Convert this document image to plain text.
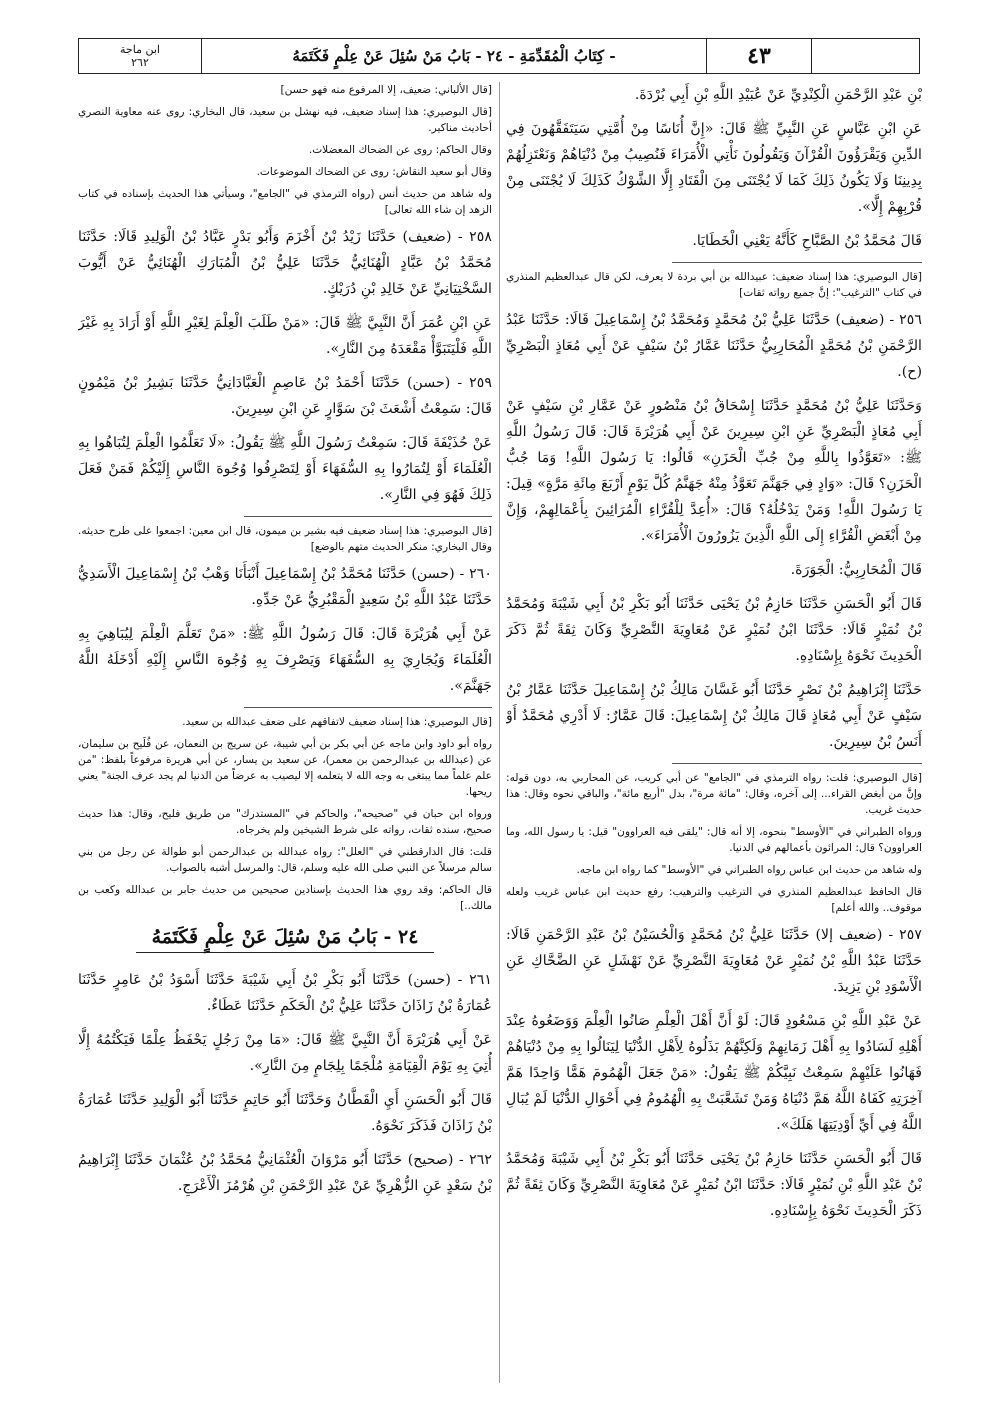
ابن ماجة
٢٦٢	- كِتَابُ الْمُقَدِّمَةِ - ٢٤ - بَابُ مَنْ سُئِلَ عَنْ عِلْمٍ فَكَتَمَهُ	٤٣

بْنِ عَبْدِ الرَّحْمَنِ الْكِنْدِيِّ عَنْ عُبَيْدِ اللَّهِ بْنِ أَبِي بُرْدَةَ.

عَنِ ابْنِ عَبَّاسٍ عَنِ النَّبِيِّ ﷺ قَالَ: «إِنَّ أُنَاسًا مِنْ أُمَّتِي سَيَتَفَقَّهُونَ فِي الدِّينِ وَيَقْرَؤُونَ الْقُرْآنَ وَيَقُولُونَ نَأْتِي الْأُمَرَاءَ فَنُصِيبُ مِنْ دُنْيَاهُمْ وَنَعْتَزِلُهُمْ بِدِينِنَا وَلَا يَكُونُ ذَلِكَ كَمَا لَا يُجْتَنَى مِنَ الْقَتَادِ إِلَّا الشَّوْكُ كَذَلِكَ لَا يُجْتَنَى مِنْ قُرْبِهِمْ إِلَّا».

قَالَ مُحَمَّدُ بْنُ الصَّبَّاحِ كَأَنَّهُ يَعْنِي الْخَطَايَا.

[قال البوصيري: هذا إسناد ضعيف: عبيدالله بن أبي بردة لا يعرف، لكن قال عبدالعظيم المنذري في كتاب "الترغيب": إنَّ جميع رواته ثقات]

٢٥٦ - (ضعيف) حَدَّثَنَا عَلِيُّ بْنُ مُحَمَّدٍ وَمُحَمَّدُ بْنُ إِسْمَاعِيلَ قَالَا: حَدَّثَنَا عَبْدُ الرَّحْمَنِ بْنُ مُحَمَّدٍ الْمُحَارِبِيُّ حَدَّثَنَا عَمَّارُ بْنُ سَيْفٍ عَنْ أَبِي مُعَاذٍ الْبَصْرِيِّ (ح).

وَحَدَّثَنَا عَلِيُّ بْنُ مُحَمَّدٍ حَدَّثَنَا إِسْحَاقُ بْنُ مَنْصُورٍ عَنْ عَمَّارِ بْنِ سَيْفٍ عَنْ أَبِي مُعَاذٍ الْبَصْرِيِّ عَنِ ابْنِ سِيرِينَ عَنْ أَبِي هُرَيْرَةَ قَالَ: قَالَ رَسُولُ اللَّهِ ﷺ: «تَعَوَّذُوا بِاللَّهِ مِنْ جُبِّ الْحَزَنِ» قَالُوا: يَا رَسُولَ اللَّهِ! وَمَا جُبُّ الْحَزَنِ؟ قَالَ: «وَادٍ فِي جَهَنَّمَ تَعَوَّذُ مِنْهُ جَهَنَّمُ كُلَّ يَوْمٍ أَرْبَعَ مِائَةِ مَرَّةٍ» قِيلَ: يَا رَسُولَ اللَّهِ! وَمَنْ يَدْخُلُهُ؟ قَالَ: «أُعِدَّ لِلْقُرَّاءِ الْمُرَائِينَ بِأَعْمَالِهِمْ، وَإِنَّ مِنْ أَبْغَضِ الْقُرَّاءِ إِلَى اللَّهِ الَّذِينَ يَزُورُونَ الْأُمَرَاءَ».

قَالَ الْمُحَارِبِيُّ: الْجَوَرَةَ.

قَالَ أَبُو الْحَسَنِ حَدَّثَنَا حَازِمُ بْنُ يَحْيَى حَدَّثَنَا أَبُو بَكْرِ بْنُ أَبِي شَيْبَةَ وَمُحَمَّدُ بْنُ نُمَيْرٍ قَالَا: حَدَّثَنَا ابْنُ نُمَيْرٍ عَنْ مُعَاوِيَةَ النَّصْرِيِّ وَكَانَ ثِقَةً ثُمَّ ذَكَرَ الْحَدِيثَ نَحْوَهُ بِإِسْنَادِهِ.

حَدَّثَنَا إِبْرَاهِيمُ بْنُ نَصْرٍ حَدَّثَنَا أَبُو غَسَّانَ مَالِكُ بْنُ إِسْمَاعِيلَ حَدَّثَنَا عَمَّارُ بْنُ سَيْفٍ عَنْ أَبِي مُعَاذٍ قَالَ مَالِكُ بْنُ إِسْمَاعِيلَ: قَالَ عَمَّارٌ: لَا أَدْرِي مُحَمَّدٌ أَوْ أَنَسُ بْنُ سِيرِينَ.

[قال البوصيري: قلت: رواه الترمذي في "الجامع" عن أبي كريب، عن المحاربي به، دون قوله: وإنَّ من أبغض القراء... إلى آخره، وقال: "مائة مرة"، بدل "أربع مائة"، والباقي نحوه وقال: هذا حديث غريب.

ورواه الطبراني في "الأوسط" بنحوه، إلا أنه قال: "يلقى فيه العراوون" قيل: يا رسول الله، وما العراوون؟ قال: المرائون بأعمالهم في الدنيا.

وله شاهد من حديث ابن عباس رواه الطبراني في "الأوسط" كما رواه ابن ماجه.

قال الحافظ عبدالعظيم المنذري في الترغيب والترهيب: رفع حديث ابن عباس غريب ولعله موقوف.. والله أعلم]

٢٥٧ - (ضعيف إلا) حَدَّثَنَا عَلِيُّ بْنُ مُحَمَّدٍ وَالْحُسَيْنُ بْنُ عَبْدِ الرَّحْمَنِ قَالَا: حَدَّثَنَا عَبْدُ اللَّهِ بْنُ نُمَيْرٍ عَنْ مُعَاوِيَةَ النَّصْرِيِّ عَنْ نَهْشَلٍ عَنِ الضَّحَّاكِ عَنِ الْأَسْوَدِ بْنِ يَزِيدَ.

عَنْ عَبْدِ اللَّهِ بْنِ مَسْعُودٍ قَالَ: لَوْ أَنَّ أَهْلَ الْعِلْمِ صَانُوا الْعِلْمَ وَوَضَعُوهُ عِنْدَ أَهْلِهِ لَسَادُوا بِهِ أَهْلَ زَمَانِهِمْ وَلَكِنَّهُمْ بَذَلُوهُ لِأَهْلِ الدُّنْيَا لِيَنَالُوا بِهِ مِنْ دُنْيَاهُمْ فَهَانُوا عَلَيْهِمْ سَمِعْتُ نَبِيَّكُمْ ﷺ يَقُولُ: «مَنْ جَعَلَ الْهُمُومَ هَمًّا وَاحِدًا هَمَّ آخِرَتِهِ كَفَاهُ اللَّهُ هَمَّ دُنْيَاهُ وَمَنْ تَشَعَّبَتْ بِهِ الْهُمُومُ فِي أَحْوَالِ الدُّنْيَا لَمْ يُبَالِ اللَّهُ فِي أَيِّ أَوْدِيَتِهَا هَلَكَ».

قَالَ أَبُو الْحَسَنِ حَدَّثَنَا حَازِمُ بْنُ يَحْيَى حَدَّثَنَا أَبُو بَكْرِ بْنُ أَبِي شَيْبَةَ وَمُحَمَّدُ بْنُ عَبْدِ اللَّهِ بْنِ نُمَيْرٍ قَالَا: حَدَّثَنَا ابْنُ نُمَيْرٍ عَنْ مُعَاوِيَةَ النَّصْرِيِّ وَكَانَ ثِقَةً ثُمَّ ذَكَرَ الْحَدِيثَ نَحْوَهُ بِإِسْنَادِهِ.

[قال الألباني: ضعيف، إلا المرفوع منه فهو حسن]

[قال البوصيري: هذا إسناد ضعيف، فيه نهشل بن سعيد، قال البخاري: روى عنه معاوية النصري أحاديث مناكير.

وقال الحاكم: روى عن الضحاك المعضلات.

وقال أبو سعيد النقاش: روى عن الضحاك الموضوعات.

وله شاهد من حديث أنس (رواه الترمذي في "الجامع"، وسيأتي هذا الحديث بإسناده في كتاب الزهد إن شاء الله تعالى]

٢٥٨ - (ضعيف) حَدَّثَنَا زَيْدُ بْنُ أَخْزَمَ وَأَبُو بَدْرٍ عَبَّادُ بْنُ الْوَلِيدِ قَالَا: حَدَّثَنَا مُحَمَّدُ بْنُ عَبَّادٍ الْهُنَائِيُّ حَدَّثَنَا عَلِيُّ بْنُ الْمُبَارَكِ الْهُنَائِيُّ عَنْ أَيُّوبَ السَّخْتِيَانِيِّ عَنْ خَالِدِ بْنِ دُرَيْكٍ.

عَنِ ابْنِ عُمَرَ أَنَّ النَّبِيَّ ﷺ قَالَ: «مَنْ طَلَبَ الْعِلْمَ لِغَيْرِ اللَّهِ أَوْ أَرَادَ بِهِ غَيْرَ اللَّهِ فَلْيَتَبَوَّأْ مَقْعَدَهُ مِنَ النَّارِ».

٢٥٩ - (حسن) حَدَّثَنَا أَحْمَدُ بْنُ عَاصِمٍ الْعَبَّادَانِيُّ حَدَّثَنَا بَشِيرُ بْنُ مَيْمُونٍ قَالَ: سَمِعْتُ أَشْعَثَ بْنَ سَوَّارٍ عَنِ ابْنِ سِيرِينَ.

عَنْ حُذَيْفَةَ قَالَ: سَمِعْتُ رَسُولَ اللَّهِ ﷺ يَقُولُ: «لَا تَعَلَّمُوا الْعِلْمَ لِتُبَاهُوا بِهِ الْعُلَمَاءَ أَوْ لِتُمَارُوا بِهِ السُّفَهَاءَ أَوْ لِتَصْرِفُوا وُجُوهَ النَّاسِ إِلَيْكُمْ فَمَنْ فَعَلَ ذَلِكَ فَهُوَ فِي النَّارِ».

[قال البوصيري: هذا إسناد ضعيف فيه بشير بن ميمون، قال ابن معين: اجمعوا على طرح حديثه. وقال البخاري: منكر الحديث متهم بالوضع]

٢٦٠ - (حسن) حَدَّثَنَا مُحَمَّدُ بْنُ إِسْمَاعِيلَ أَنْبَأَنَا وَهْبُ بْنُ إِسْمَاعِيلَ الْأَسَدِيُّ حَدَّثَنَا عَبْدُ اللَّهِ بْنُ سَعِيدٍ الْمَقْبُرِيُّ عَنْ جَدِّهِ.

عَنْ أَبِي هُرَيْرَةَ قَالَ: قَالَ رَسُولُ اللَّهِ ﷺ: «مَنْ تَعَلَّمَ الْعِلْمَ لِيُبَاهِيَ بِهِ الْعُلَمَاءَ وَيُجَارِيَ بِهِ السُّفَهَاءَ وَيَصْرِفَ بِهِ وُجُوهَ النَّاسِ إِلَيْهِ أَدْخَلَهُ اللَّهُ جَهَنَّمَ».

[قال البوصيري: هذا إسناد ضعيف لاتفاقهم على ضعف عبدالله بن سعيد.

رواه أبو داود وابن ماجه عن أبي بكر بن أبي شيبة، عن سريج بن النعمان، عن فُلَيح بن سليمان، عن (عبدالله بن عبدالرحمن بن معمر)، عن سعيد بن يسار، عن أبي هريرة مرفوعاً بلفظ: "من علم علماً مما يبتغى به وجه الله لا يتعلمه إلا ليصيب به عرضاً من الدنيا لم يجد عرف الجنة" يعني ريحها.

ورواه ابن حبان في "صحيحه"، والحاكم في "المستدرك" من طريق فليح، وقال: هذا حديث صحيح، سنده ثقات، رواته على شرط الشيخين ولم يخرجاه.

قلت: قال الدارقطني في "العلل": رواه عبدالله بن عبدالرحمن أبو طوالة عن رجل من بني سالم مرسلاً عن النبي صلى الله عليه وسلم، قال: والمرسل أشبه بالصواب.

قال الحاكم: وقد روي هذا الحديث بإسنادين صحيحين من حديث جابر بن عبدالله وكعب بن مالك..]

٢٤ - بَابُ مَنْ سُئِلَ عَنْ عِلْمٍ فَكَتَمَهُ

٢٦١ - (حسن) حَدَّثَنَا أَبُو بَكْرِ بْنُ أَبِي شَيْبَةَ حَدَّثَنَا أَسْوَدُ بْنُ عَامِرٍ حَدَّثَنَا عُمَارَةُ بْنُ زَاذَانَ حَدَّثَنَا عَلِيُّ بْنُ الْحَكَمِ حَدَّثَنَا عَطَاءٌ.

عَنْ أَبِي هُرَيْرَةَ أَنَّ النَّبِيَّ ﷺ قَالَ: «مَا مِنْ رَجُلٍ يَحْفَظُ عِلْمًا فَيَكْتُمُهُ إِلَّا أُتِيَ بِهِ يَوْمَ الْقِيَامَةِ مُلْجَمًا بِلِجَامٍ مِنَ النَّارِ».

قَالَ أَبُو الْحَسَنِ أَيِ الْقَطَّانُ وَحَدَّثَنَا أَبُو حَاتِمٍ حَدَّثَنَا أَبُو الْوَلِيدِ حَدَّثَنَا عُمَارَةُ بْنُ زَاذَانَ فَذَكَرَ نَحْوَهُ.

٢٦٢ - (صحيح) حَدَّثَنَا أَبُو مَرْوَانَ الْعُثْمَانِيُّ مُحَمَّدُ بْنُ عُثْمَانَ حَدَّثَنَا إِبْرَاهِيمُ بْنُ سَعْدٍ عَنِ الزُّهْرِيِّ عَنْ عَبْدِ الرَّحْمَنِ بْنِ هُرْمُزَ الْأَعْرَجِ.
